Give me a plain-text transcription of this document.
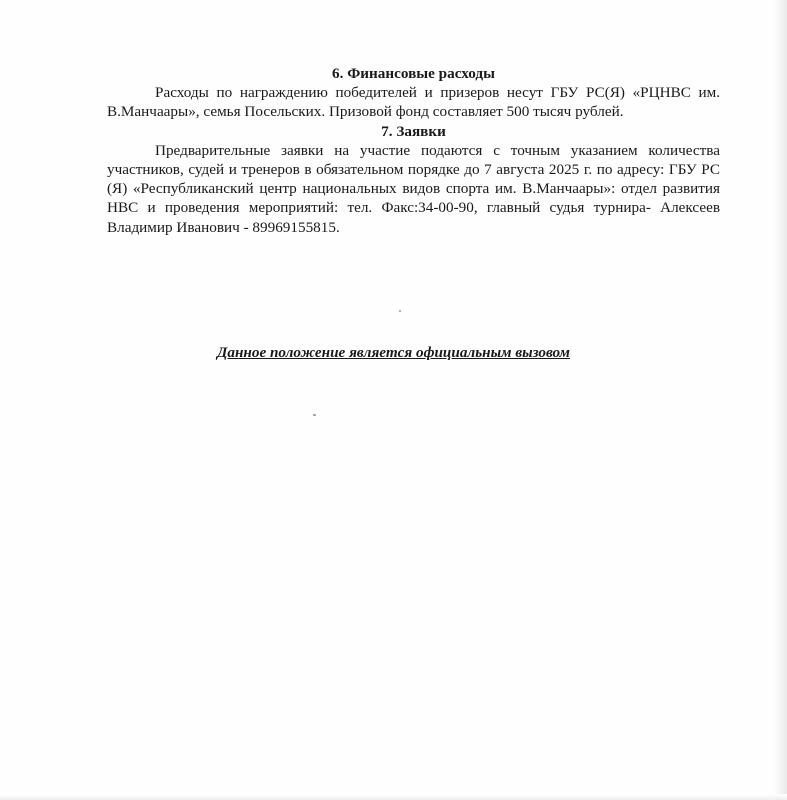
6. Финансовые расходы

Расходы по награждению победителей и призеров несут ГБУ РС(Я) «РЦНВС им. В.Манчаары», семья Посельских. Призовой фонд составляет 500 тысяч рублей.

7. Заявки

Предварительные заявки на участие подаются с точным указанием количества участников, судей и тренеров в обязательном порядке до 7 августа 2025 г. по адресу: ГБУ РС (Я) «Республиканский центр национальных видов спорта им. В.Манчаары»: отдел развития НВС и проведения мероприятий: тел. Факс:34-00-90, главный судья турнира- Алексеев Владимир Иванович - 89969155815.

Данное положение является официальным вызовом
